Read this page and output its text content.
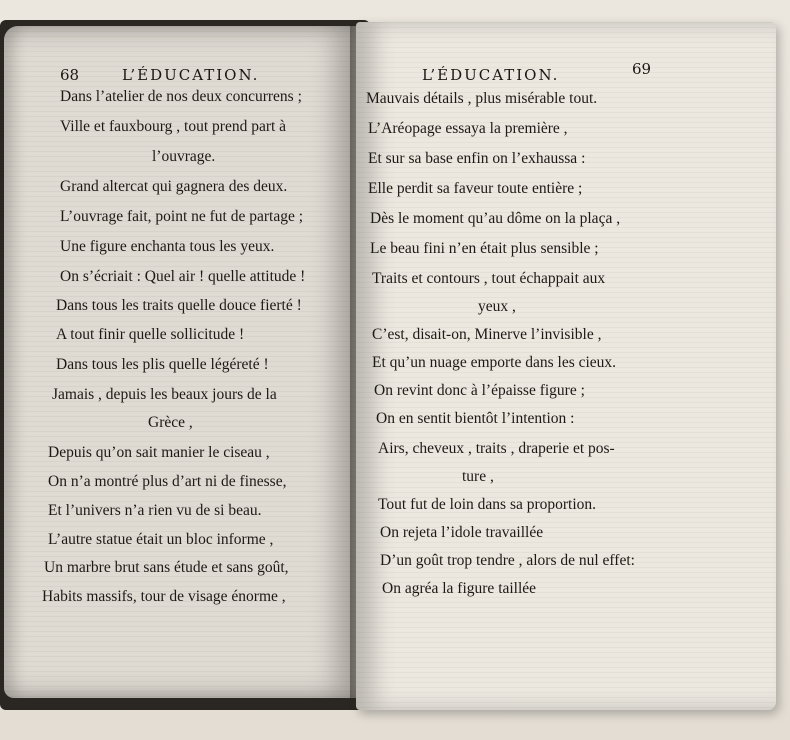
68	L’ÉDUCATION.
Dans l’atelier de nos deux concurrens ;
Ville et fauxbourg , tout prend part à
l’ouvrage.
Grand altercat qui gagnera des deux.
L’ouvrage fait, point ne fut de partage ;
Une figure enchanta tous les yeux.
On s’écriait : Quel air ! quelle attitude !
Dans tous les traits quelle douce fierté !
A tout finir quelle sollicitude !
Dans tous les plis quelle légéreté !
Jamais , depuis les beaux jours de la
Grèce ,
Depuis qu’on sait manier le ciseau ,
On n’a montré plus d’art ni de finesse,
Et l’univers n’a rien vu de si beau.
L’autre statue était un bloc informe ,
Un marbre brut sans étude et sans goût,
Habits massifs, tour de visage énorme ,
L’ÉDUCATION.	69
Mauvais détails , plus misérable tout.
L’Aréopage essaya la première ,
Et sur sa base enfin on l’exhaussa :
Elle perdit sa faveur toute entière ;
Dès le moment qu’au dôme on la plaça ,
Le beau fini n’en était plus sensible ;
Traits et contours , tout échappait aux
yeux ,
C’est, disait-on, Minerve l’invisible ,
Et qu’un nuage emporte dans les cieux.
On revint donc à l’épaisse figure ;
On en sentit bientôt l’intention :
Airs, cheveux , traits , draperie et pos-
ture ,
Tout fut de loin dans sa proportion.
On rejeta l’idole travaillée
D’un goût trop tendre , alors de nul effet:
On agréa la figure taillée
